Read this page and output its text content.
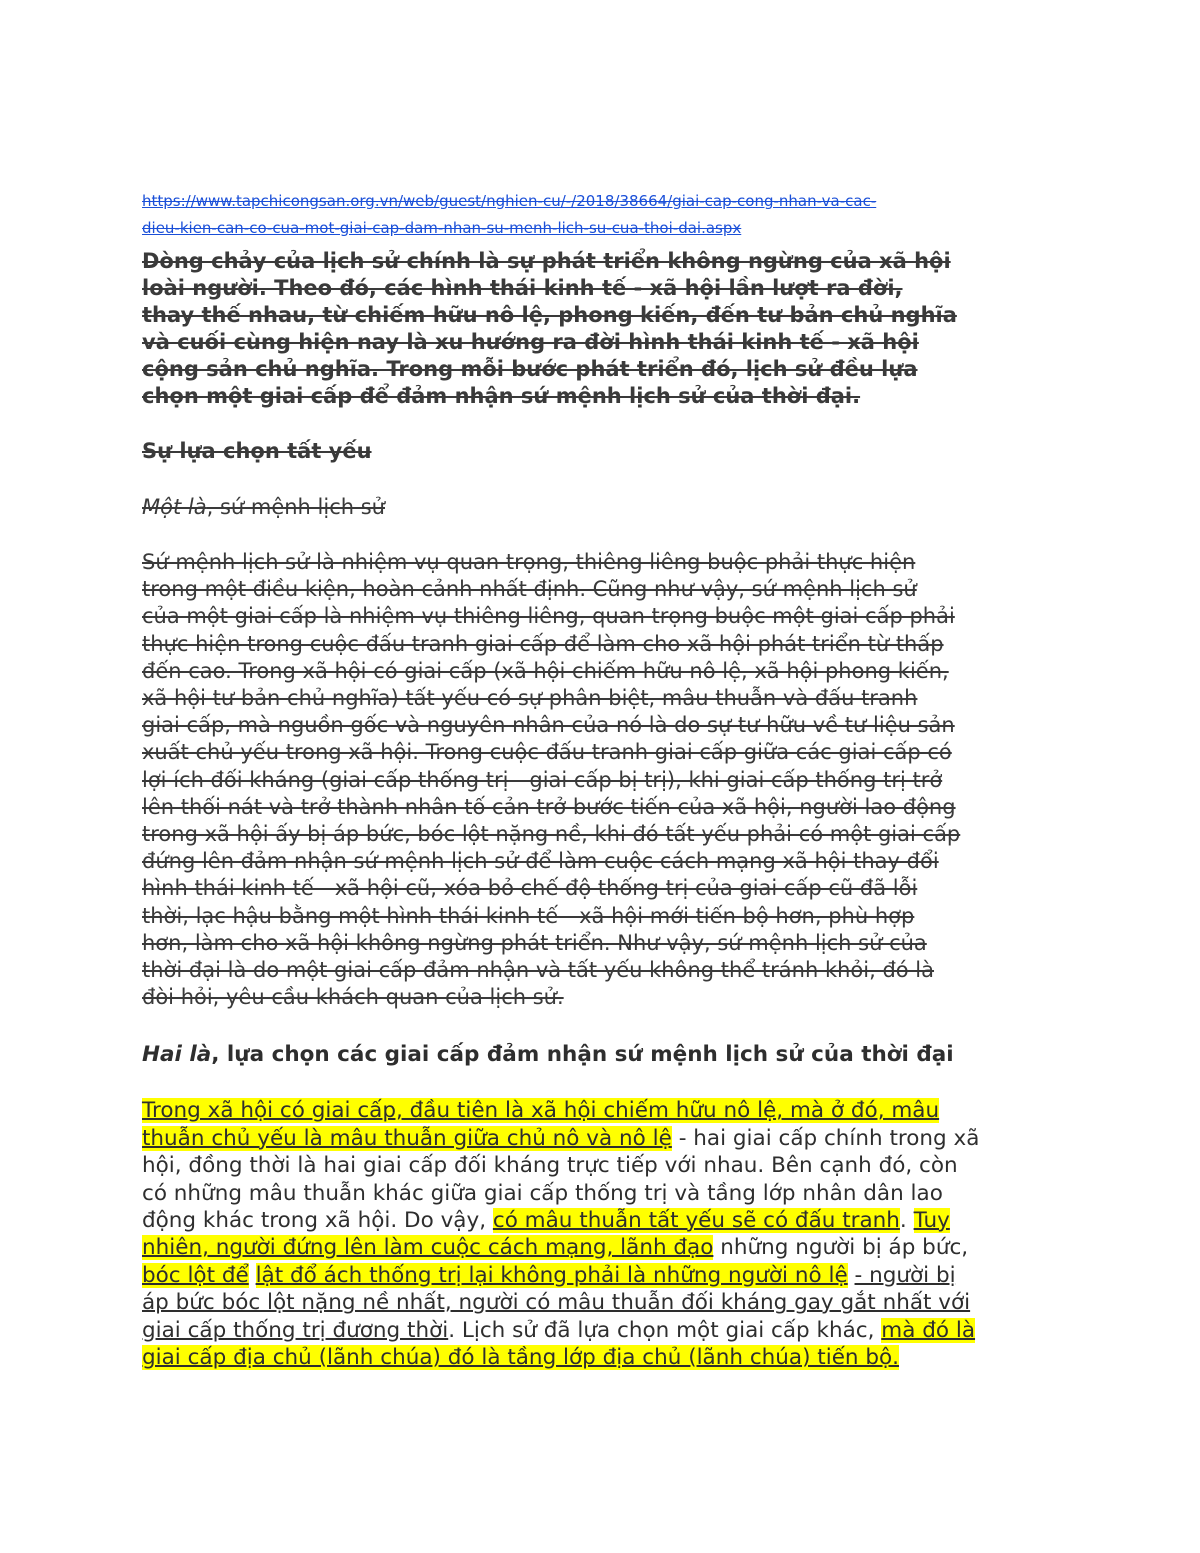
https://www.tapchicongsan.org.vn/web/guest/nghien-cu/-/2018/38664/giai-cap-cong-nhan-va-cac-
dieu-kien-can-co-cua-mot-giai-cap-dam-nhan-su-menh-lich-su-cua-thoi-dai.aspx

Dòng chảy của lịch sử chính là sự phát triển không ngừng của xã hội
loài người. Theo đó, các hình thái kinh tế - xã hội lần lượt ra đời,
thay thế nhau, từ chiếm hữu nô lệ, phong kiến, đến tư bản chủ nghĩa
và cuối cùng hiện nay là xu hướng ra đời hình thái kinh tế - xã hội
cộng sản chủ nghĩa. Trong mỗi bước phát triển đó, lịch sử đều lựa
chọn một giai cấp để đảm nhận sứ mệnh lịch sử của thời đại.

Sự lựa chọn tất yếu

Một là, sứ mệnh lịch sử

Sứ mệnh lịch sử là nhiệm vụ quan trọng, thiêng liêng buộc phải thực hiện
trong một điều kiện, hoàn cảnh nhất định. Cũng như vậy, sứ mệnh lịch sử
của một giai cấp là nhiệm vụ thiêng liêng, quan trọng buộc một giai cấp phải
thực hiện trong cuộc đấu tranh giai cấp để làm cho xã hội phát triển từ thấp
đến cao. Trong xã hội có giai cấp (xã hội chiếm hữu nô lệ, xã hội phong kiến,
xã hội tư bản chủ nghĩa) tất yếu có sự phân biệt, mâu thuẫn và đấu tranh
giai cấp, mà nguồn gốc và nguyên nhân của nó là do sự tư hữu về tư liệu sản
xuất chủ yếu trong xã hội. Trong cuộc đấu tranh giai cấp giữa các giai cấp có
lợi ích đối kháng (giai cấp thống trị - giai cấp bị trị), khi giai cấp thống trị trở
lên thối nát và trở thành nhân tố cản trở bước tiến của xã hội, người lao động
trong xã hội ấy bị áp bức, bóc lột nặng nề, khi đó tất yếu phải có một giai cấp
đứng lên đảm nhận sứ mệnh lịch sử để làm cuộc cách mạng xã hội thay đổi
hình thái kinh tế - xã hội cũ, xóa bỏ chế độ thống trị của giai cấp cũ đã lỗi
thời, lạc hậu bằng một hình thái kinh tế - xã hội mới tiến bộ hơn, phù hợp
hơn, làm cho xã hội không ngừng phát triển. Như vậy, sứ mệnh lịch sử của
thời đại là do một giai cấp đảm nhận và tất yếu không thể tránh khỏi, đó là
đòi hỏi, yêu cầu khách quan của lịch sử.

Hai là, lựa chọn các giai cấp đảm nhận sứ mệnh lịch sử của thời đại

Trong xã hội có giai cấp, đầu tiên là xã hội chiếm hữu nô lệ, mà ở đó, mâu
thuẫn chủ yếu là mâu thuẫn giữa chủ nô và nô lệ - hai giai cấp chính trong xã
hội, đồng thời là hai giai cấp đối kháng trực tiếp với nhau. Bên cạnh đó, còn
có những mâu thuẫn khác giữa giai cấp thống trị và tầng lớp nhân dân lao
động khác trong xã hội. Do vậy, có mâu thuẫn tất yếu sẽ có đấu tranh. Tuy
nhiên, người đứng lên làm cuộc cách mạng, lãnh đạo những người bị áp bức,
bóc lột để lật đổ ách thống trị lại không phải là những người nô lệ - người bị
áp bức bóc lột nặng nề nhất, người có mâu thuẫn đối kháng gay gắt nhất với
giai cấp thống trị đương thời. Lịch sử đã lựa chọn một giai cấp khác, mà đó là
giai cấp địa chủ (lãnh chúa) đó là tầng lớp địa chủ (lãnh chúa) tiến bộ.
